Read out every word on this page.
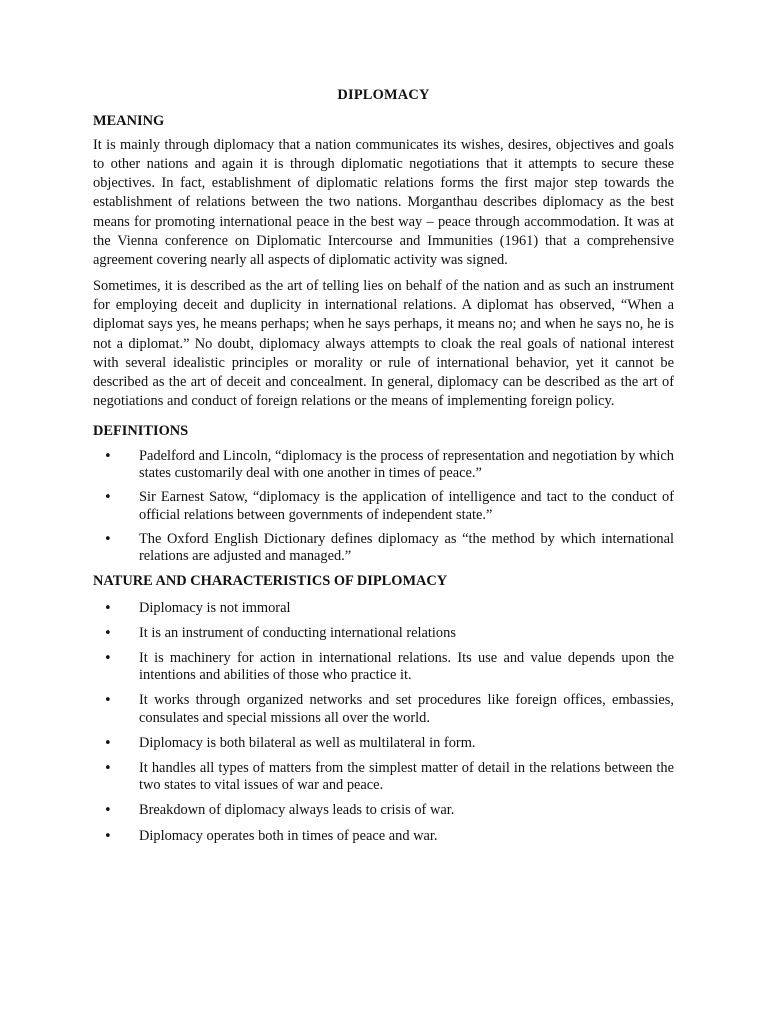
DIPLOMACY
MEANING

It is mainly through diplomacy that a nation communicates its wishes, desires, objectives and goals to other nations and again it is through diplomatic negotiations that it attempts to secure these objectives. In fact, establishment of diplomatic relations forms the first major step towards the establishment of relations between the two nations. Morganthau describes diplomacy as the best means for promoting international peace in the best way – peace through accommodation. It was at the Vienna conference on Diplomatic Intercourse and Immunities (1961) that a comprehensive agreement covering nearly all aspects of diplomatic activity was signed.

Sometimes, it is described as the art of telling lies on behalf of the nation and as such an instrument for employing deceit and duplicity in international relations. A diplomat has observed, “When a diplomat says yes, he means perhaps; when he says perhaps, it means no; and when he says no, he is not a diplomat.” No doubt, diplomacy always attempts to cloak the real goals of national interest with several idealistic principles or morality or rule of international behavior, yet it cannot be described as the art of deceit and concealment. In general, diplomacy can be described as the art of negotiations and conduct of foreign relations or the means of implementing foreign policy.

DEFINITIONS
• Padelford and Lincoln, “diplomacy is the process of representation and negotiation by which states customarily deal with one another in times of peace.”
• Sir Earnest Satow, “diplomacy is the application of intelligence and tact to the conduct of official relations between governments of independent state.”
• The Oxford English Dictionary defines diplomacy as “the method by which international relations are adjusted and managed.”
NATURE AND CHARACTERISTICS OF DIPLOMACY
• Diplomacy is not immoral
• It is an instrument of conducting international relations
• It is machinery for action in international relations. Its use and value depends upon the intentions and abilities of those who practice it.
• It works through organized networks and set procedures like foreign offices, embassies, consulates and special missions all over the world.
• Diplomacy is both bilateral as well as multilateral in form.
• It handles all types of matters from the simplest matter of detail in the relations between the two states to vital issues of war and peace.
• Breakdown of diplomacy always leads to crisis of war.
• Diplomacy operates both in times of peace and war.
